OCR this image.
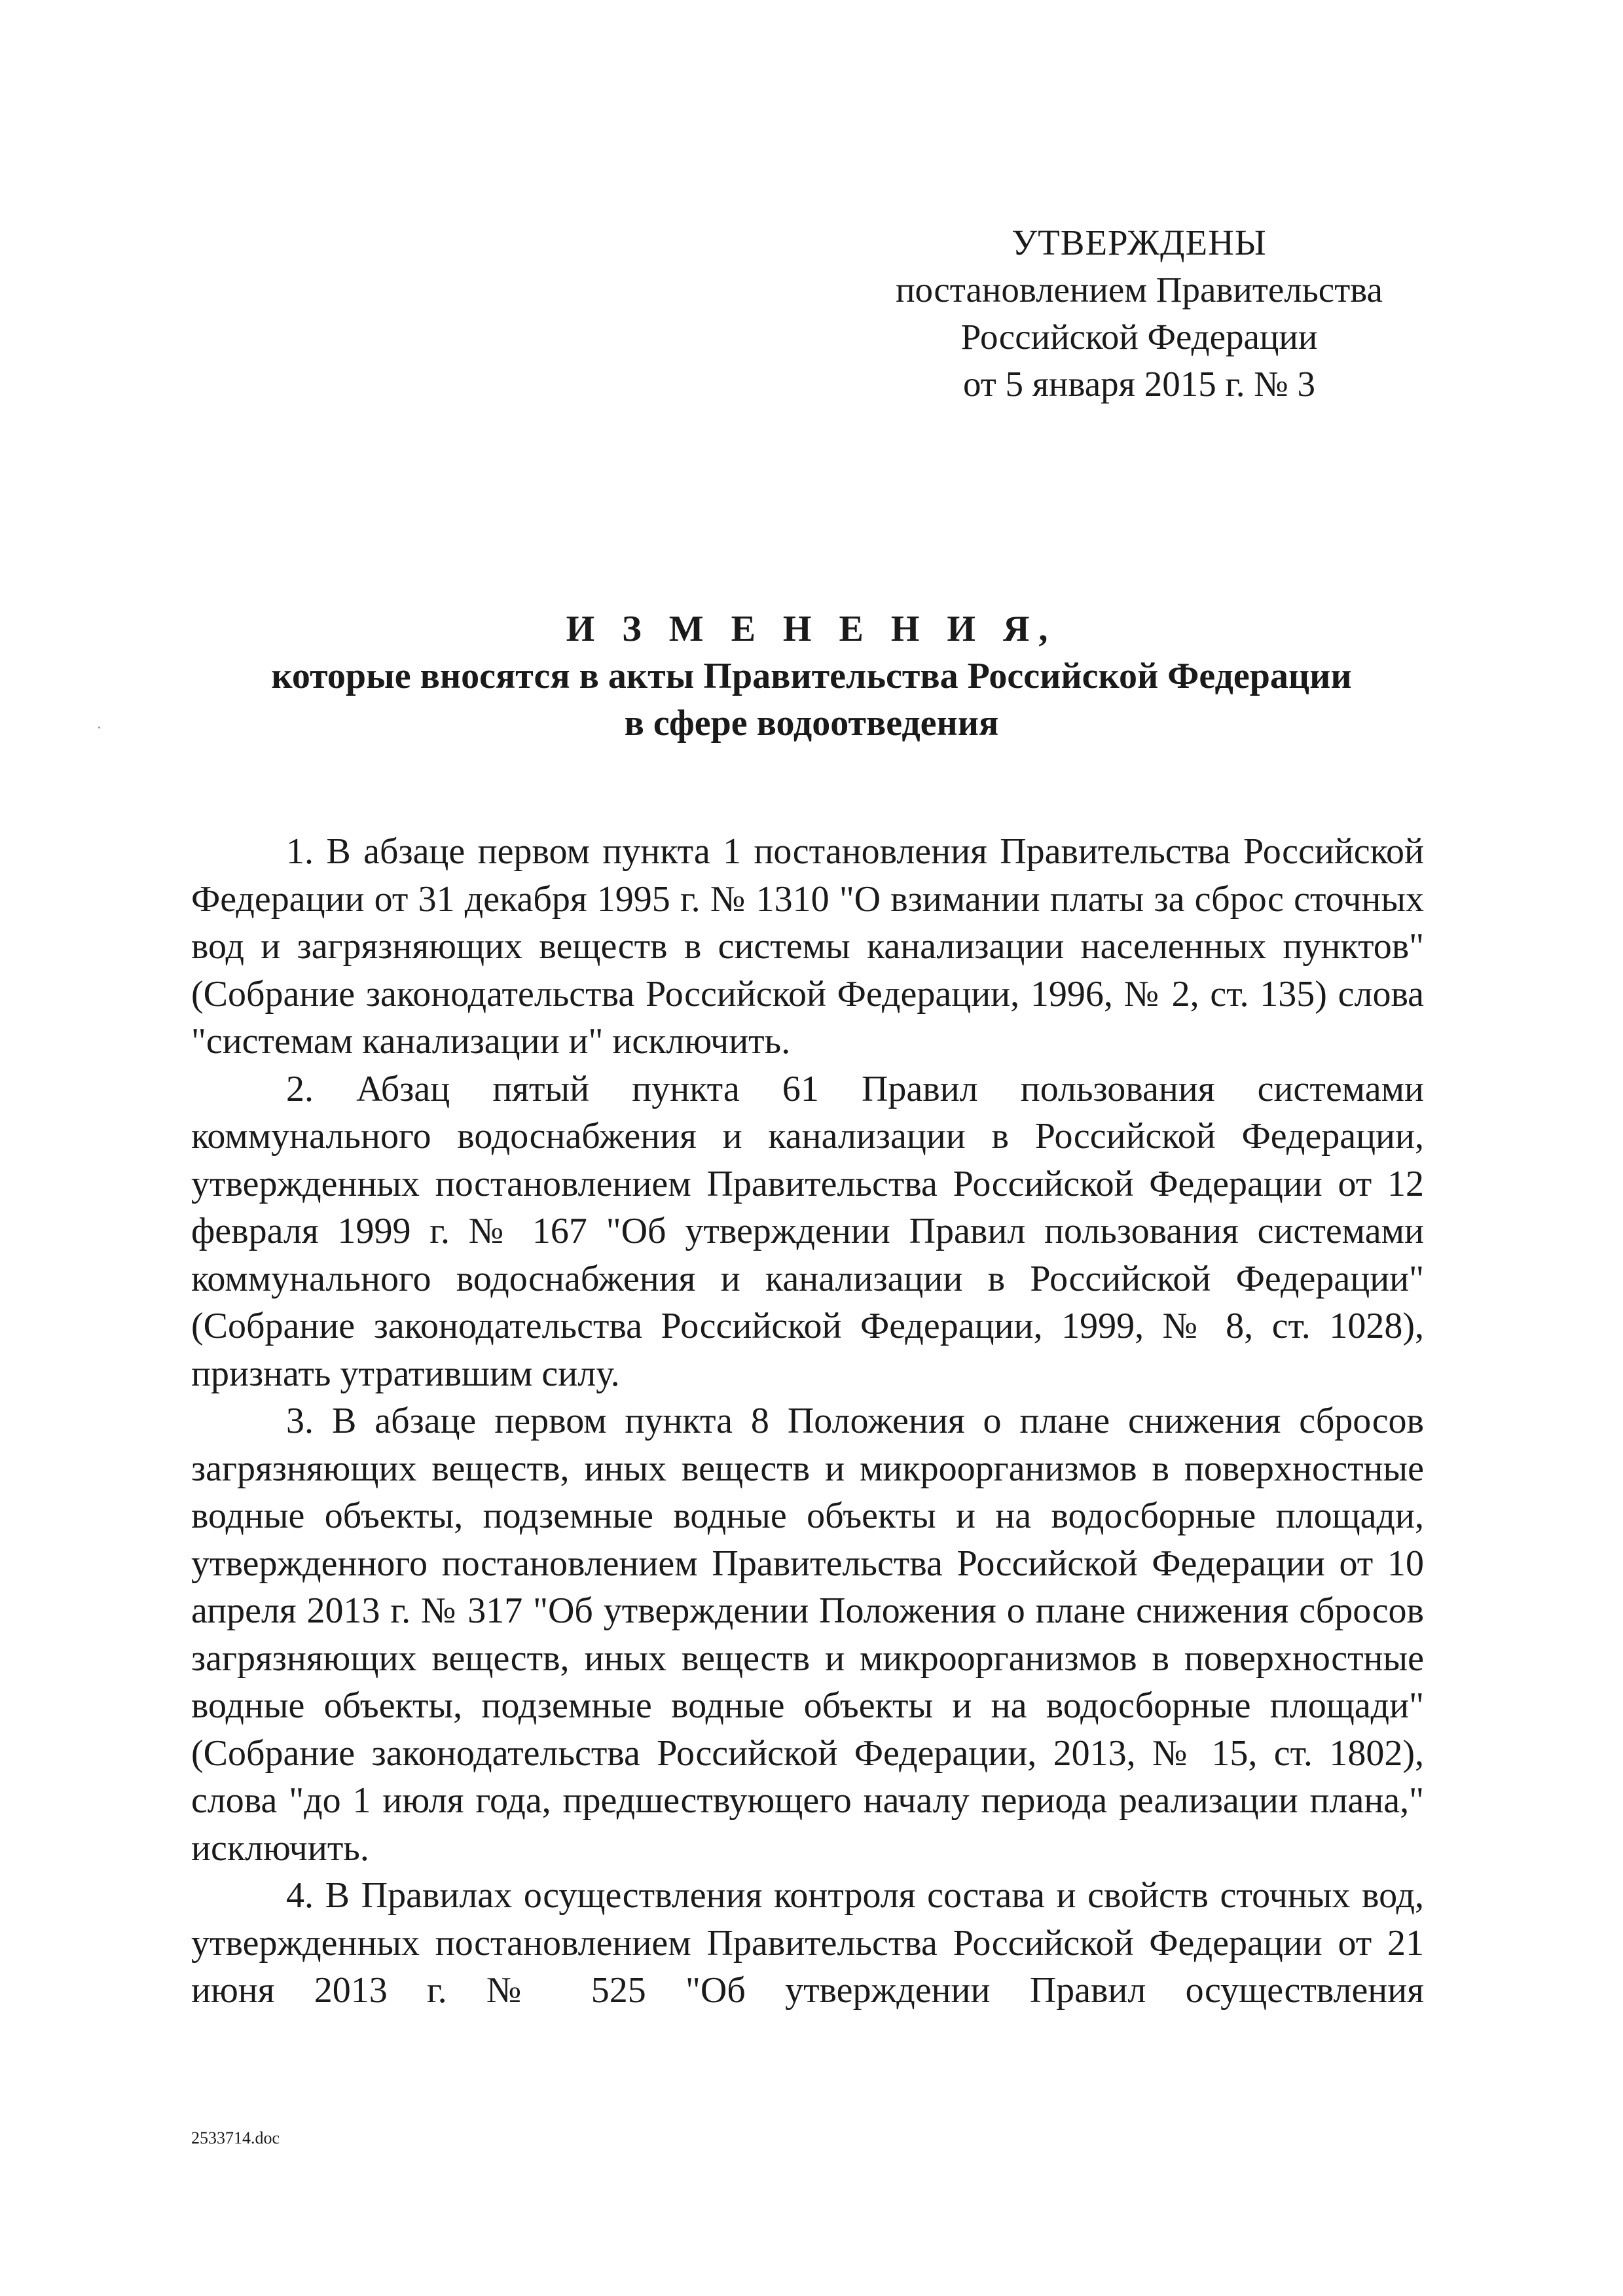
УТВЕРЖДЕНЫ
постановлением Правительства
Российской Федерации
от 5 января 2015 г. № 3
И З М Е Н Е Н И Я,
которые вносятся в акты Правительства Российской Федерации
в сфере водоотведения

1. В абзаце первом пункта 1 постановления Правительства Российской Федерации от 31 декабря 1995 г. № 1310 "О взимании платы за сброс сточных вод и загрязняющих веществ в системы канализации населенных пунктов" (Собрание законодательства Российской Федерации, 1996, № 2, ст. 135) слова "системам канализации и" исключить.

2. Абзац пятый пункта 61 Правил пользования системами коммунального водоснабжения и канализации в Российской Федерации, утвержденных постановлением Правительства Российской Федерации от 12 февраля 1999 г. № 167 "Об утверждении Правил пользования системами коммунального водоснабжения и канализации в Российской Федерации" (Собрание законодательства Российской Федерации, 1999, № 8, ст. 1028), признать утратившим силу.

3. В абзаце первом пункта 8 Положения о плане снижения сбросов загрязняющих веществ, иных веществ и микроорганизмов в поверхностные водные объекты, подземные водные объекты и на водосборные площади, утвержденного постановлением Правительства Российской Федерации от 10 апреля 2013 г. № 317 "Об утверждении Положения о плане снижения сбросов загрязняющих веществ, иных веществ и микроорганизмов в поверхностные водные объекты, подземные водные объекты и на водосборные площади" (Собрание законодательства Российской Федерации, 2013, № 15, ст. 1802), слова "до 1 июля года, предшествующего началу периода реализации плана," исключить.

4. В Правилах осуществления контроля состава и свойств сточных вод, утвержденных постановлением Правительства Российской Федерации от 21 июня 2013 г. № 525 "Об утверждении Правил осуществления

2533714.doc
